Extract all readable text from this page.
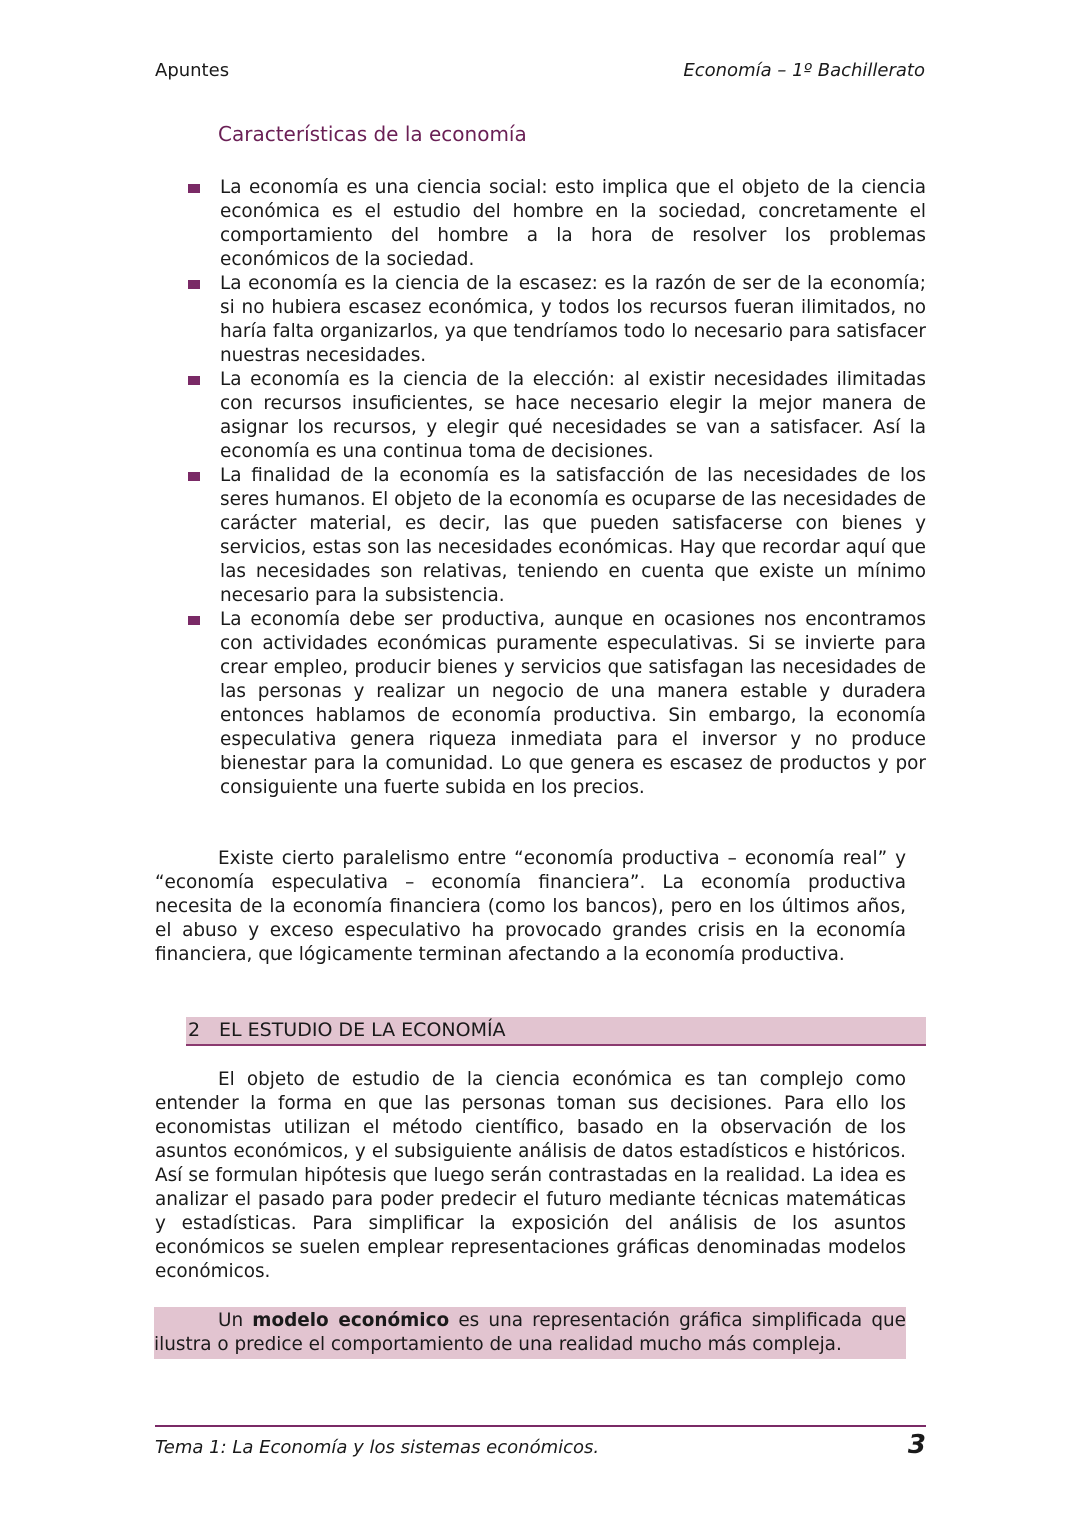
Apuntes	Economía – 1º Bachillerato
Características de la economía
La economía es una ciencia social: esto implica que el objeto de la ciencia económica es el estudio del hombre en la sociedad, concretamente el comportamiento del hombre a la hora de resolver los problemas económicos de la sociedad.
La economía es la ciencia de la escasez: es la razón de ser de la economía; si no hubiera escasez económica, y todos los recursos fueran ilimitados, no haría falta organizarlos, ya que tendríamos todo lo necesario para satisfacer nuestras necesidades.
La economía es la ciencia de la elección: al existir necesidades ilimitadas con recursos insuficientes, se hace necesario elegir la mejor manera de asignar los recursos, y elegir qué necesidades se van a satisfacer. Así la economía es una continua toma de decisiones.
La finalidad de la economía es la satisfacción de las necesidades de los seres humanos. El objeto de la economía es ocuparse de las necesidades de carácter material, es decir, las que pueden satisfacerse con bienes y servicios, estas son las necesidades económicas. Hay que recordar aquí que las necesidades son relativas, teniendo en cuenta que existe un mínimo necesario para la subsistencia.
La economía debe ser productiva, aunque en ocasiones nos encontramos con actividades económicas puramente especulativas. Si se invierte para crear empleo, producir bienes y servicios que satisfagan las necesidades de las personas y realizar un negocio de una manera estable y duradera entonces hablamos de economía productiva. Sin embargo, la economía especulativa genera riqueza inmediata para el inversor y no produce bienestar para la comunidad. Lo que genera es escasez de productos y por consiguiente una fuerte subida en los precios.

Existe cierto paralelismo entre “economía productiva – economía real” y “economía especulativa – economía financiera”. La economía productiva necesita de la economía financiera (como los bancos), pero en los últimos años, el abuso y exceso especulativo ha provocado grandes crisis en la economía financiera, que lógicamente terminan afectando a la economía productiva.

2 EL ESTUDIO DE LA ECONOMÍA

El objeto de estudio de la ciencia económica es tan complejo como entender la forma en que las personas toman sus decisiones. Para ello los economistas utilizan el método científico, basado en la observación de los asuntos económicos, y el subsiguiente análisis de datos estadísticos e históricos. Así se formulan hipótesis que luego serán contrastadas en la realidad. La idea es analizar el pasado para poder predecir el futuro mediante técnicas matemáticas y estadísticas. Para simplificar la exposición del análisis de los asuntos económicos se suelen emplear representaciones gráficas denominadas modelos económicos.

Un modelo económico es una representación gráfica simplificada que ilustra o predice el comportamiento de una realidad mucho más compleja.

Tema 1: La Economía y los sistemas económicos.	3
